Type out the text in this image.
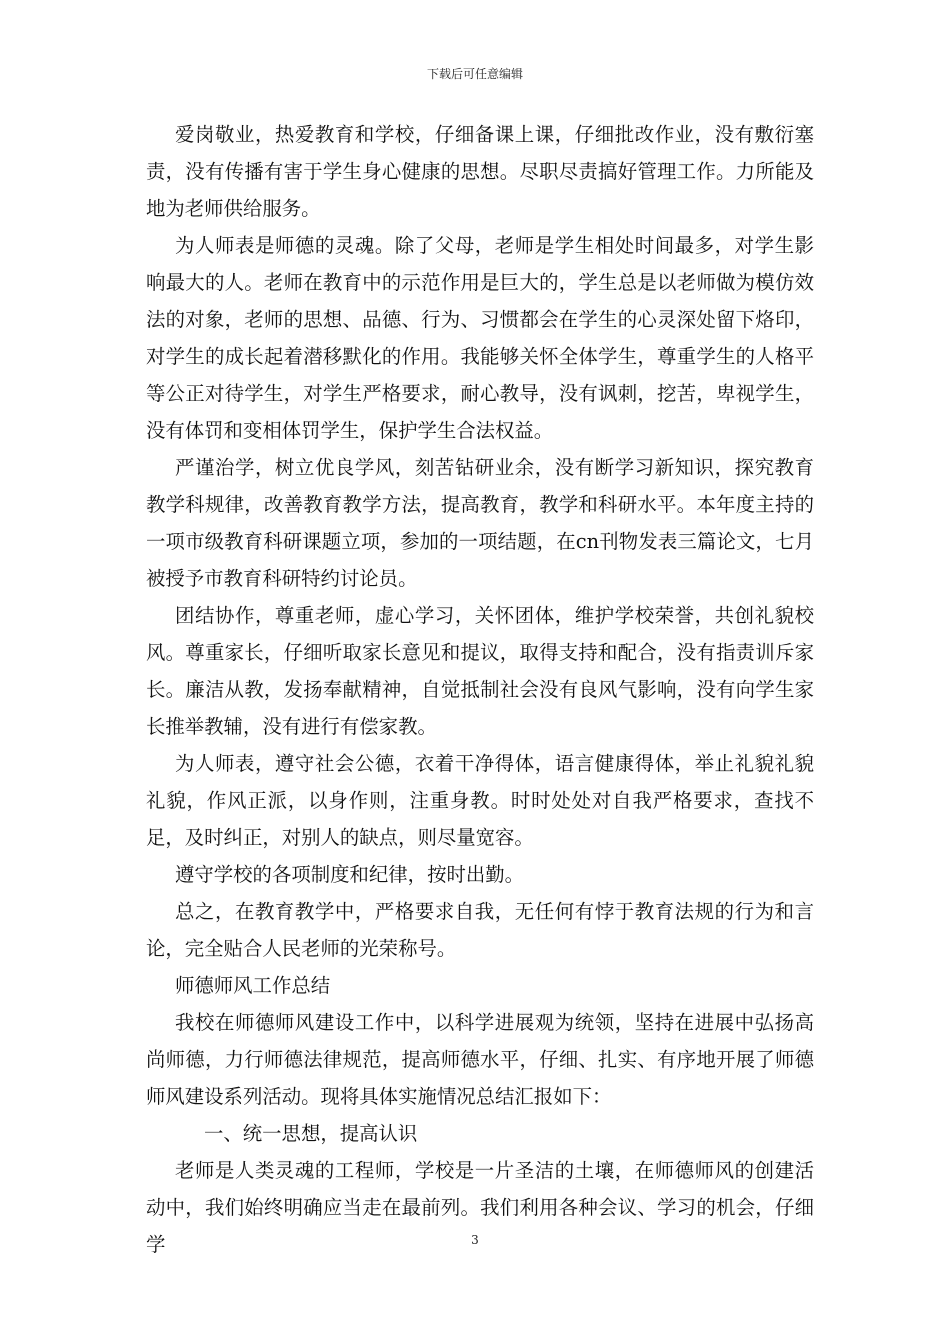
下载后可任意编辑

爱岗敬业，热爱教育和学校，仔细备课上课，仔细批改作业，没有敷衍塞责，没有传播有害于学生身心健康的思想。尽职尽责搞好管理工作。力所能及地为老师供给服务。

为人师表是师德的灵魂。除了父母，老师是学生相处时间最多，对学生影响最大的人。老师在教育中的示范作用是巨大的，学生总是以老师做为模仿效法的对象，老师的思想、品德、行为、习惯都会在学生的心灵深处留下烙印，对学生的成长起着潜移默化的作用。我能够关怀全体学生，尊重学生的人格平等公正对待学生，对学生严格要求，耐心教导，没有讽刺，挖苦，卑视学生，没有体罚和变相体罚学生，保护学生合法权益。

严谨治学，树立优良学风，刻苦钻研业余，没有断学习新知识，探究教育教学科规律，改善教育教学方法，提高教育，教学和科研水平。本年度主持的一项市级教育科研课题立项，参加的一项结题，在cn刊物发表三篇论文，七月被授予市教育科研特约讨论员。

团结协作，尊重老师，虚心学习，关怀团体，维护学校荣誉，共创礼貌校风。尊重家长，仔细听取家长意见和提议，取得支持和配合，没有指责训斥家长。廉洁从教，发扬奉献精神，自觉抵制社会没有良风气影响，没有向学生家长推举教辅，没有进行有偿家教。

为人师表，遵守社会公德，衣着干净得体，语言健康得体，举止礼貌礼貌礼貌，作风正派，以身作则，注重身教。时时处处对自我严格要求，查找不足，及时纠正，对别人的缺点，则尽量宽容。

遵守学校的各项制度和纪律，按时出勤。

总之，在教育教学中，严格要求自我，无任何有悖于教育法规的行为和言论，完全贴合人民老师的光荣称号。

师德师风工作总结

我校在师德师风建设工作中，以科学进展观为统领，坚持在进展中弘扬高尚师德，力行师德法律规范，提高师德水平，仔细、扎实、有序地开展了师德师风建设系列活动。现将具体实施情况总结汇报如下：

一、统一思想，提高认识

老师是人类灵魂的工程师，学校是一片圣洁的土壤，在师德师风的创建活动中，我们始终明确应当走在最前列。我们利用各种会议、学习的机会，仔细学	3
